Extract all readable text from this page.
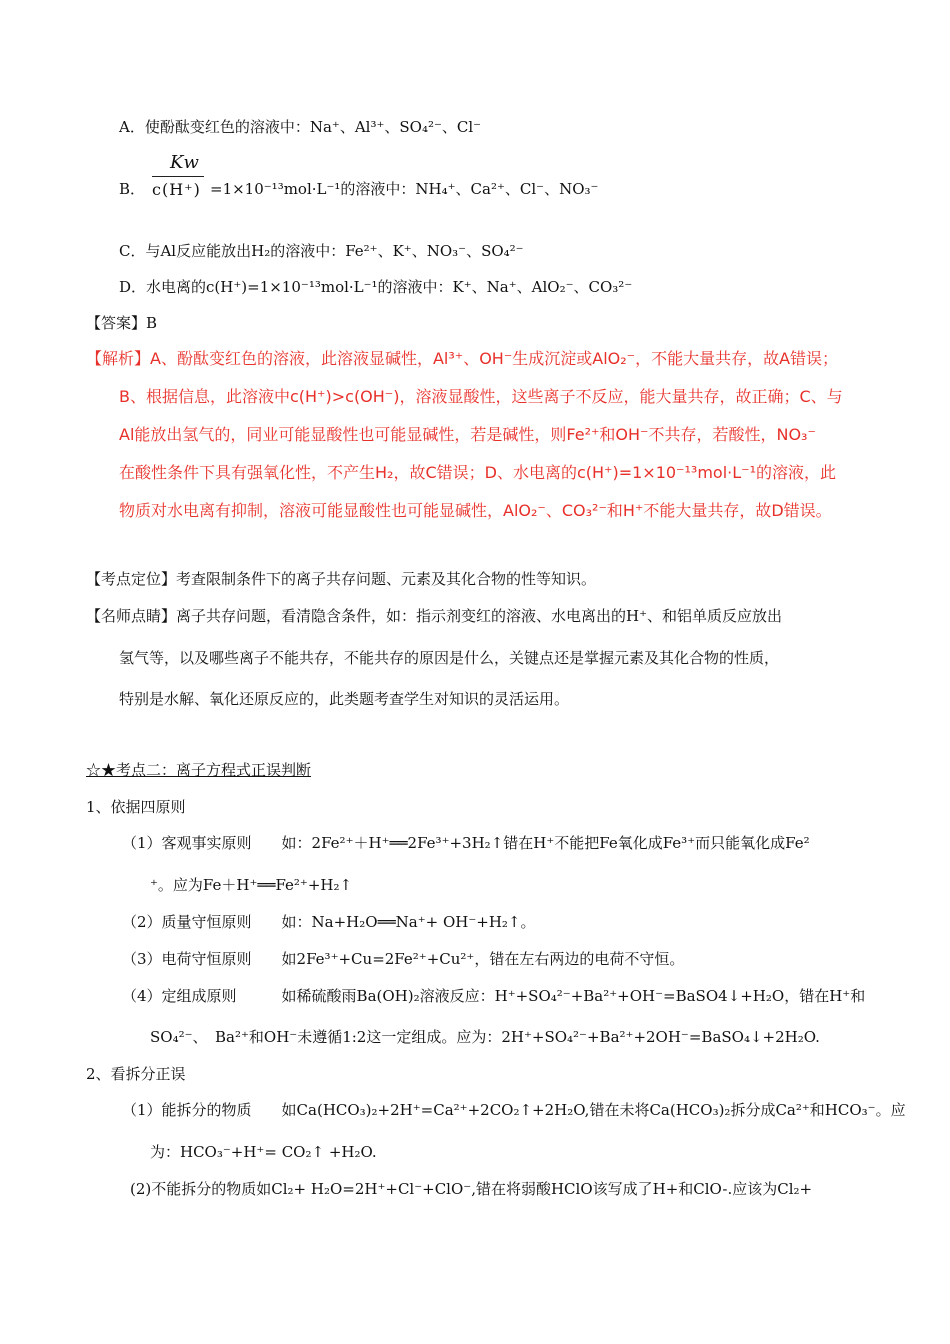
A．使酚酞变红色的溶液中：Na⁺、Al³⁺、SO₄²⁻、Cl⁻
B．
Kw
c(H⁺) =1×10⁻¹³mol·L⁻¹的溶液中：NH₄⁺、Ca²⁺、Cl⁻、NO₃⁻
C．与Al反应能放出H₂的溶液中：Fe²⁺、K⁺、NO₃⁻、SO₄²⁻
D．水电离的c(H⁺)=1×10⁻¹³mol·L⁻¹的溶液中：K⁺、Na⁺、AlO₂⁻、CO₃²⁻
【答案】B
【解析】A、酚酞变红色的溶液，此溶液显碱性，Al³⁺、OH⁻生成沉淀或AlO₂⁻，不能大量共存，故A错误；
B、根据信息，此溶液中c(H⁺)>c(OH⁻)，溶液显酸性，这些离子不反应，能大量共存，故正确；C、与
Al能放出氢气的，同业可能显酸性也可能显碱性，若是碱性，则Fe²⁺和OH⁻不共存，若酸性，NO₃⁻
在酸性条件下具有强氧化性，不产生H₂，故C错误；D、水电离的c(H⁺)=1×10⁻¹³mol·L⁻¹的溶液，此
物质对水电离有抑制，溶液可能显酸性也可能显碱性，AlO₂⁻、CO₃²⁻和H⁺不能大量共存，故D错误。
【考点定位】考查限制条件下的离子共存问题、元素及其化合物的性等知识。
【名师点睛】离子共存问题，看清隐含条件，如：指示剂变红的溶液、水电离出的H⁺、和铝单质反应放出
氢气等，以及哪些离子不能共存，不能共存的原因是什么，关键点还是掌握元素及其化合物的性质，
特别是水解、氧化还原反应的，此类题考查学生对知识的灵活运用。
☆★考点二：离子方程式正误判断
1、依据四原则
（1）客观事实原则　　如：2Fe²⁺＋H⁺══2Fe³⁺+3H₂↑错在H⁺不能把Fe氧化成Fe³⁺而只能氧化成Fe²
⁺。应为Fe＋H⁺══Fe²⁺+H₂↑
（2）质量守恒原则　　如：Na+H₂O══Na⁺+ OH⁻+H₂↑。
（3）电荷守恒原则　　如2Fe³⁺+Cu=2Fe²⁺+Cu²⁺，错在左右两边的电荷不守恒。
（4）定组成原则　　　如稀硫酸雨Ba(OH)₂溶液反应：H⁺+SO₄²⁻+Ba²⁺+OH⁻=BaSO4↓+H₂O，错在H⁺和
SO₄²⁻、　Ba²⁺和OH⁻未遵循1:2这一定组成。应为：2H⁺+SO₄²⁻+Ba²⁺+2OH⁻=BaSO₄↓+2H₂O.
2、看拆分正误
（1）能拆分的物质　　如Ca(HCO₃)₂+2H⁺=Ca²⁺+2CO₂↑+2H₂O,错在未将Ca(HCO₃)₂拆分成Ca²⁺和HCO₃⁻。应
为：HCO₃⁻+H⁺= CO₂↑ +H₂O.
(2)不能拆分的物质如Cl₂+ H₂O=2H⁺+Cl⁻+ClO⁻,错在将弱酸HClO该写成了H+和ClO-.应该为Cl₂+
